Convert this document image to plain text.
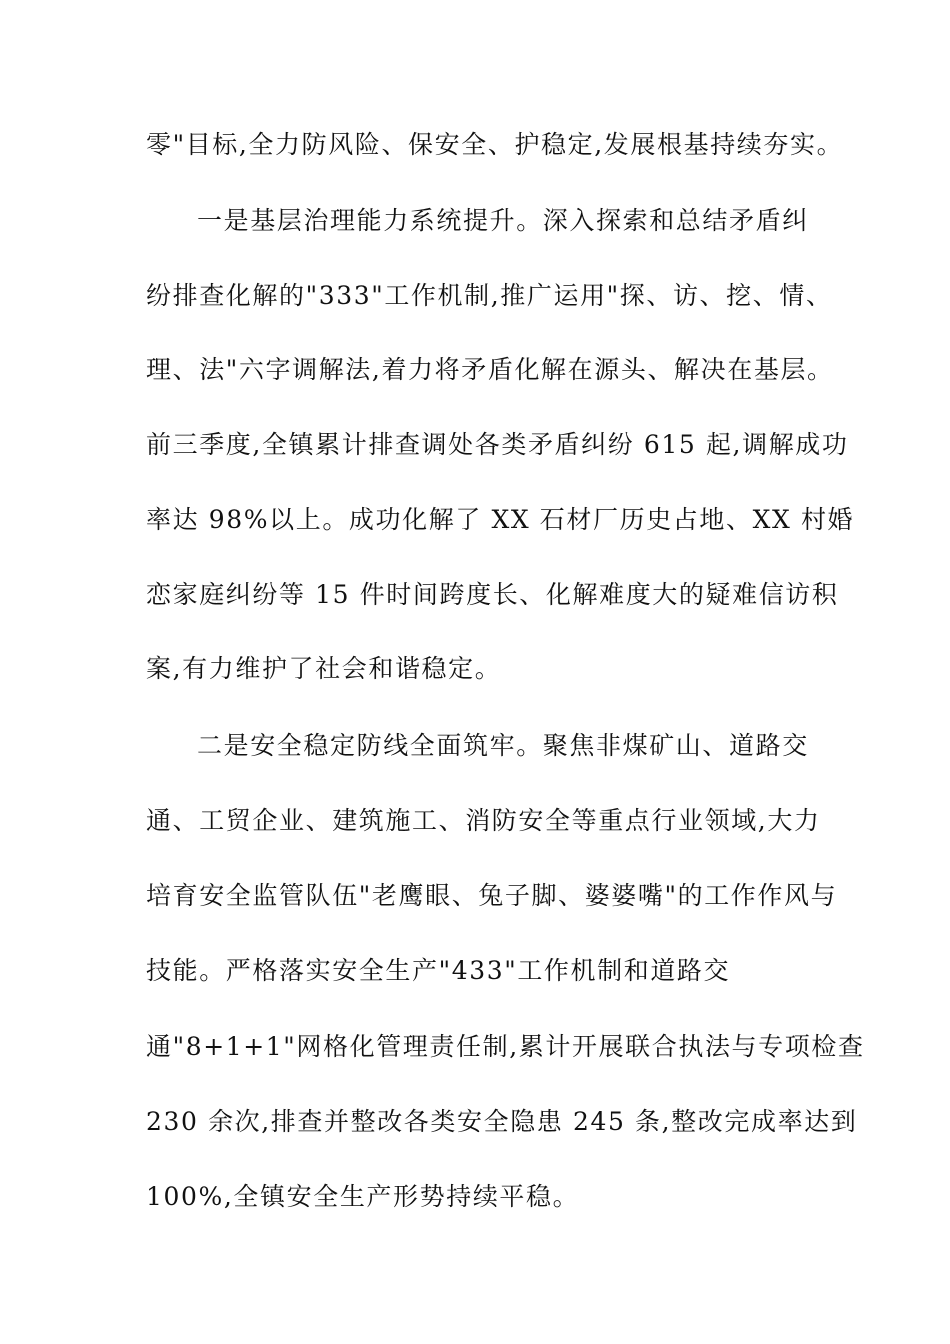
零"目标,全力防风险、保安全、护稳定,发展根基持续夯实。
一是基层治理能力系统提升。深入探索和总结矛盾纠
纷排查化解的"333"工作机制,推广运用"探、访、挖、情、
理、法"六字调解法,着力将矛盾化解在源头、解决在基层。
前三季度,全镇累计排查调处各类矛盾纠纷 615 起,调解成功
率达 98%以上。成功化解了 XX 石材厂历史占地、XX 村婚
恋家庭纠纷等 15 件时间跨度长、化解难度大的疑难信访积
案,有力维护了社会和谐稳定。
二是安全稳定防线全面筑牢。聚焦非煤矿山、道路交
通、工贸企业、建筑施工、消防安全等重点行业领域,大力
培育安全监管队伍"老鹰眼、兔子脚、婆婆嘴"的工作作风与
技能。严格落实安全生产"433"工作机制和道路交
通"8+1+1"网格化管理责任制,累计开展联合执法与专项检查
230 余次,排查并整改各类安全隐患 245 条,整改完成率达到
100%,全镇安全生产形势持续平稳。
